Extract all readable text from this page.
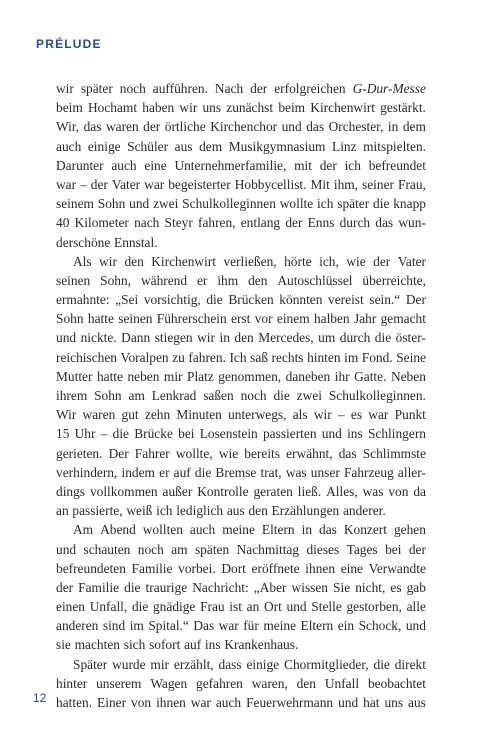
PRÉLUDE
wir später noch aufführen. Nach der erfolgreichen G-Dur-Messe
beim Hochamt haben wir uns zunächst beim Kirchenwirt gestärkt.
Wir, das waren der örtliche Kirchenchor und das Orchester, in dem
auch einige Schüler aus dem Musikgymnasium Linz mitspielten.
Darunter auch eine Unternehmerfamilie, mit der ich befreundet
war – der Vater war begeisterter Hobbycellist. Mit ihm, seiner Frau,
seinem Sohn und zwei Schulkolleginnen wollte ich später die knapp
40 Kilometer nach Steyr fahren, entlang der Enns durch das wun-
derschöne Ennstal.
Als wir den Kirchenwirt verließen, hörte ich, wie der Vater
seinen Sohn, während er ihm den Autoschlüssel überreichte,
ermahnte: „Sei vorsichtig, die Brücken könnten vereist sein.“ Der
Sohn hatte seinen Führerschein erst vor einem halben Jahr gemacht
und nickte. Dann stiegen wir in den Mercedes, um durch die öster-
reichischen Voralpen zu fahren. Ich saß rechts hinten im Fond. Seine
Mutter hatte neben mir Platz genommen, daneben ihr Gatte. Neben
ihrem Sohn am Lenkrad saßen noch die zwei Schulkolleginnen.
Wir waren gut zehn Minuten unterwegs, als wir – es war Punkt
15 Uhr – die Brücke bei Losenstein passierten und ins Schlingern
gerieten. Der Fahrer wollte, wie bereits erwähnt, das Schlimmste
verhindern, indem er auf die Bremse trat, was unser Fahrzeug aller-
dings vollkommen außer Kontrolle geraten ließ. Alles, was von da
an passierte, weiß ich lediglich aus den Erzählungen anderer.
Am Abend wollten auch meine Eltern in das Konzert gehen
und schauten noch am späten Nachmittag dieses Tages bei der
befreundeten Familie vorbei. Dort eröffnete ihnen eine Verwandte
der Familie die traurige Nachricht: „Aber wissen Sie nicht, es gab
einen Unfall, die gnädige Frau ist an Ort und Stelle gestorben, alle
anderen sind im Spital.“ Das war für meine Eltern ein Schock, und
sie machten sich sofort auf ins Krankenhaus.
Später wurde mir erzählt, dass einige Chormitglieder, die direkt
hinter unserem Wagen gefahren waren, den Unfall beobachtet
hatten. Einer von ihnen war auch Feuerwehrmann und hat uns aus
12
